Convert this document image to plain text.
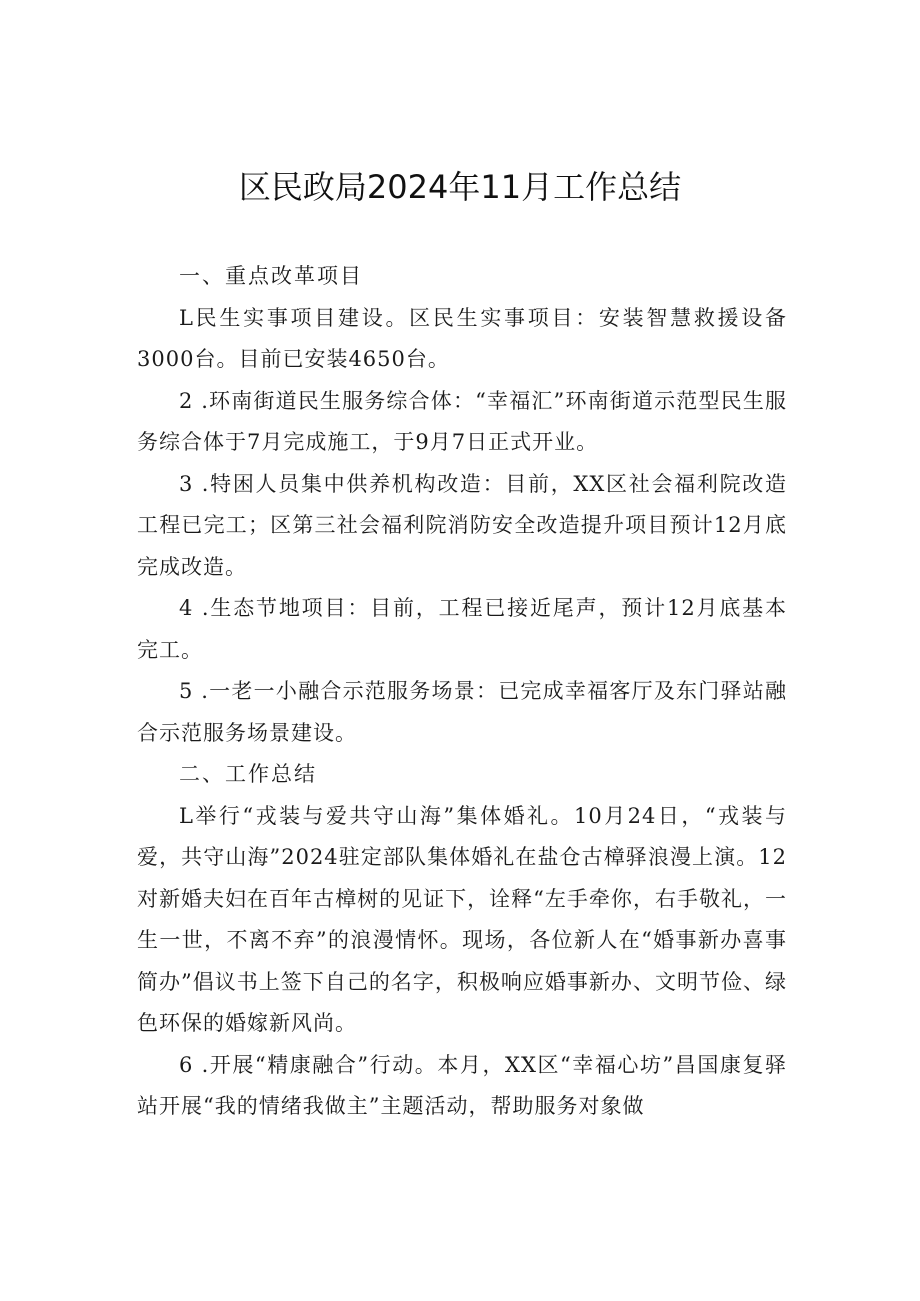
区民政局2024年11月工作总结

一、重点改革项目

L民生实事项目建设。区民生实事项目：安装智慧救援设备3000台。目前已安装4650台。

2 .环南街道民生服务综合体：“幸福汇”环南街道示范型民生服务综合体于7月完成施工，于9月7日正式开业。

3 .特困人员集中供养机构改造：目前，XX区社会福利院改造工程已完工；区第三社会福利院消防安全改造提升项目预计12月底完成改造。

4 .生态节地项目：目前，工程已接近尾声，预计12月底基本完工。

5 .一老一小融合示范服务场景：已完成幸福客厅及东门驿站融合示范服务场景建设。

二、工作总结

L举行“戎装与爱共守山海”集体婚礼。10月24日，“戎装与爱，共守山海”2024驻定部队集体婚礼在盐仓古樟驿浪漫上演。12对新婚夫妇在百年古樟树的见证下，诠释“左手牵你，右手敬礼，一生一世，不离不弃”的浪漫情怀。现场，各位新人在“婚事新办喜事简办”倡议书上签下自己的名字，积极响应婚事新办、文明节俭、绿色环保的婚嫁新风尚。

6 .开展“精康融合”行动。本月，XX区“幸福心坊”昌国康复驿站开展“我的情绪我做主”主题活动，帮助服务对象做
